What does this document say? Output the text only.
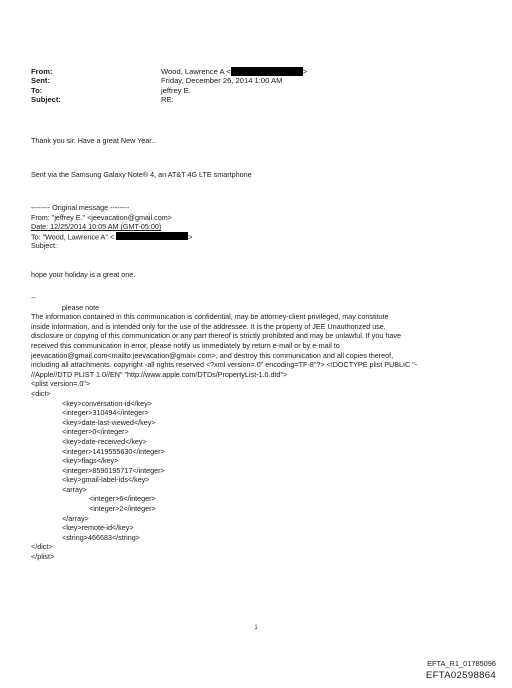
From:	Wood, Lawrence A <	>
Sent:	Friday, December 26, 2014 1:00 AM
To:	jeffrey E.
Subject:	RE:
Thank you sir. Have a great New Year..
Sent via the Samsung Galaxy Note® 4, an AT&T 4G LTE smartphone
-------- Original message --------
From: "jeffrey E." <jeevacation@gmail.com>
Date: 12/25/2014 10:05 AM (GMT-05:00)
To: "Wood, Lawrence A" <	>
Subject:
hope your holiday is a great one.
--
please note
The information contained in this communication is confidential, may be attorney-client privileged, may constitute
inside information, and is intended only for the use of the addressee. It is the property of JEE Unauthorized use,
disclosure or copying of this communication or any part thereof is strictly prohibited and may be unlawful. If you have
received this communication in error, please notify us immediately by return e-mail or by e-mail to
jeevacation@gmail.com<mailto:jeevacation@gmai».com>, and destroy this communication and all copies thereof,
including all attachments. copyright -all rights reserved <?xml version=.0" encoding=TF-8"?> <!DOCTYPE plist PUBLIC "-
//Apple//DTD PLIST 1.0//EN" "http://www.apple.com/DTDs/PropertyList-1.0.dtd">
<plist version=.0">
<dict>
<key>conversation-id</key>
<integer>310494</integer>
<key>date-last-viewed</key>
<integer>0</integer>
<key>date-received</key>
<integer>1419555630</integer>
<key>flags</key>
<integer>8590195717</integer>
<key>gmail-label-ids</key>
<array>
<integer>6</integer>
<integer>2</integer>
</array>
<key>remote-id</key>
<string>466683</string>
</dict>
</plist>
1
EFTA_R1_01785096
EFTA02598864
